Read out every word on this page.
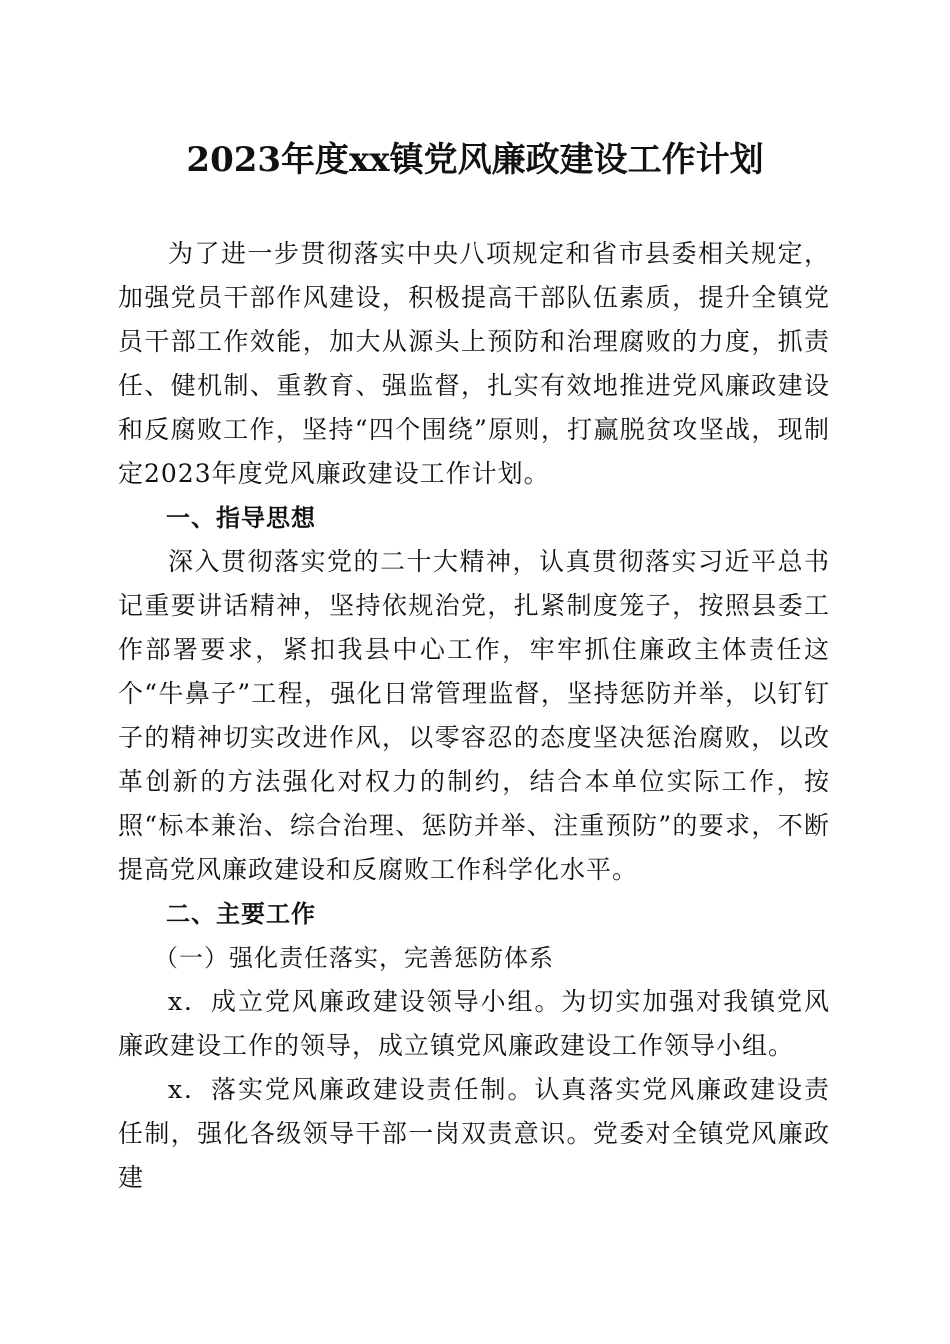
2023年度xx镇党风廉政建设工作计划

为了进一步贯彻落实中央八项规定和省市县委相关规定，加强党员干部作风建设，积极提高干部队伍素质，提升全镇党员干部工作效能，加大从源头上预防和治理腐败的力度，抓责任、健机制、重教育、强监督，扎实有效地推进党风廉政建设和反腐败工作，坚持“四个围绕”原则，打赢脱贫攻坚战，现制定2023年度党风廉政建设工作计划。

一、指导思想

深入贯彻落实党的二十大精神，认真贯彻落实习近平总书记重要讲话精神，坚持依规治党，扎紧制度笼子，按照县委工作部署要求，紧扣我县中心工作，牢牢抓住廉政主体责任这个“牛鼻子”工程，强化日常管理监督，坚持惩防并举，以钉钉子的精神切实改进作风，以零容忍的态度坚决惩治腐败，以改革创新的方法强化对权力的制约，结合本单位实际工作，按照“标本兼治、综合治理、惩防并举、注重预防”的要求，不断提高党风廉政建设和反腐败工作科学化水平。

二、主要工作

（一）强化责任落实，完善惩防体系

x．成立党风廉政建设领导小组。为切实加强对我镇党风廉政建设工作的领导，成立镇党风廉政建设工作领导小组。

x．落实党风廉政建设责任制。认真落实党风廉政建设责任制，强化各级领导干部一岗双责意识。党委对全镇党风廉政建
